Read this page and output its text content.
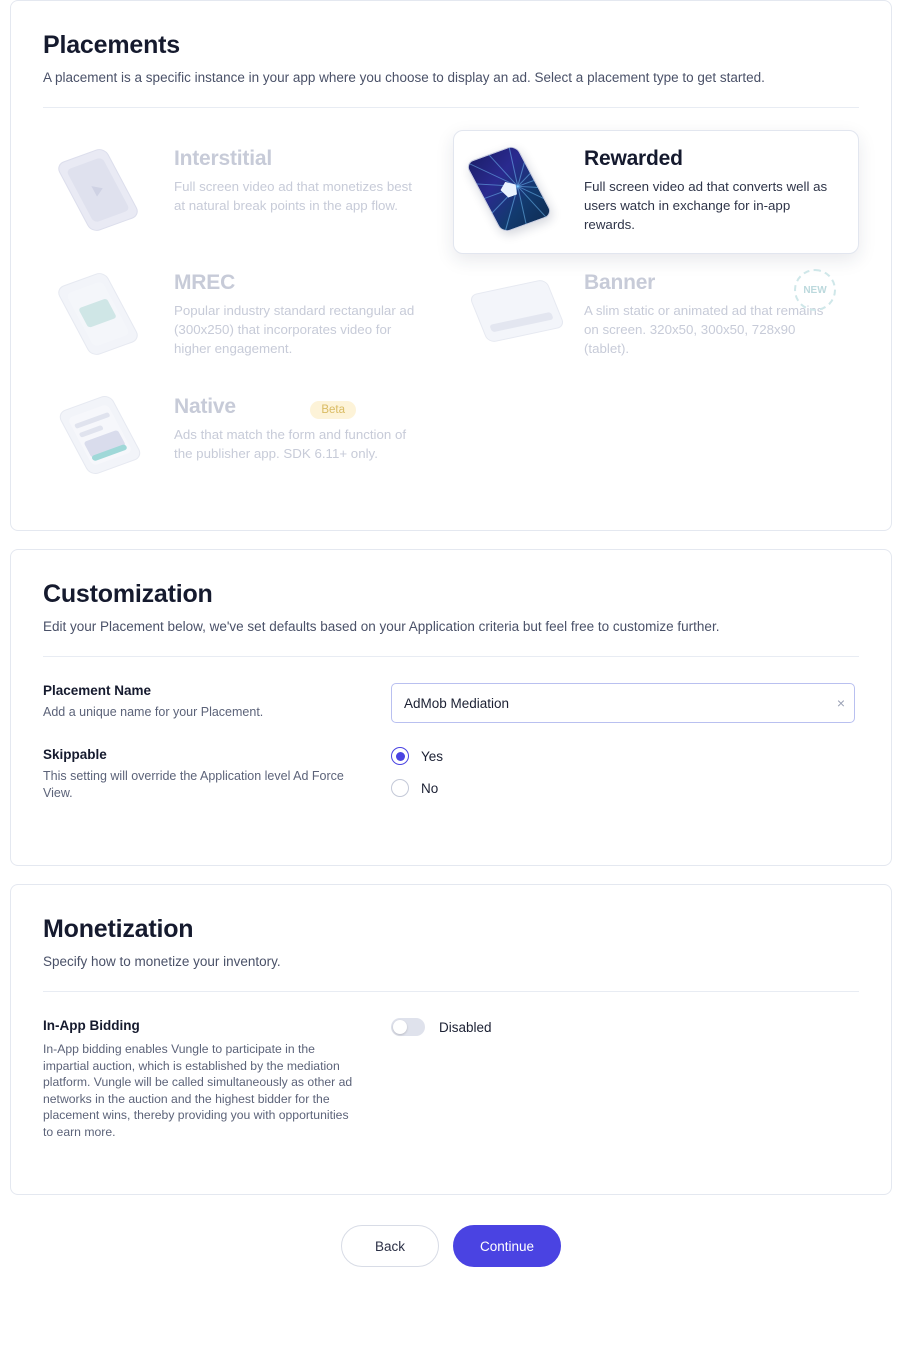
Placements

A placement is a specific instance in your app where you choose to display an ad. Select a placement type to get started.

Interstitial

Full screen video ad that monetizes best at natural break points in the app flow.

Rewarded

Full screen video ad that converts well as users watch in exchange for in-app rewards.

MREC

Popular industry standard rectangular ad (300x250) that incorporates video for higher engagement.

Banner

A slim static or animated ad that remains on screen. 320x50, 300x50, 728x90 (tablet).

NEW
Native

Ads that match the form and function of the publisher app. SDK 6.11+ only.

Beta
Customization

Edit your Placement below, we've set defaults based on your Application criteria but feel free to customize further.

Placement Name

Add a unique name for your Placement.

AdMob Mediation
×

Skippable

This setting will override the Application level Ad Force View.

Yes
No
Monetization

Specify how to monetize your inventory.

In-App Bidding

In-App bidding enables Vungle to participate in the impartial auction, which is established by the mediation platform. Vungle will be called simultaneously as other ad networks in the auction and the highest bidder for the placement wins, thereby providing you with opportunities to earn more.

Disabled
Back	Continue
